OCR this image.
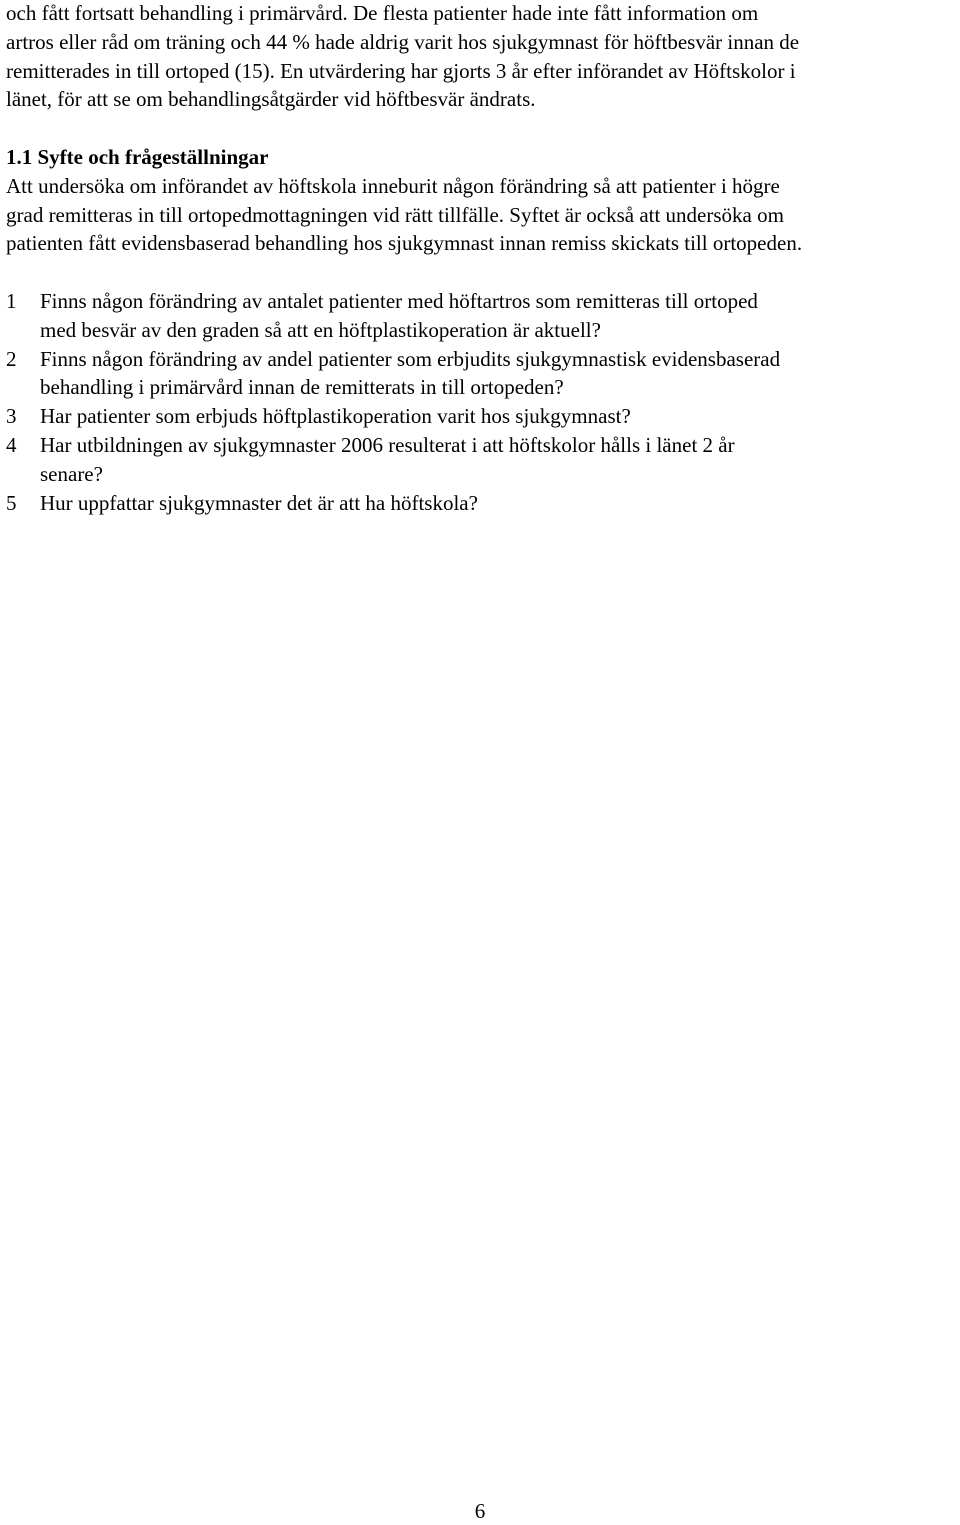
och fått fortsatt behandling i primärvård. De flesta patienter hade inte fått information om
artros eller råd om träning och 44 % hade aldrig varit hos sjukgymnast för höftbesvär innan de
remitterades in till ortoped (15). En utvärdering har gjorts 3 år efter införandet av Höftskolor i
länet, för att se om behandlingsåtgärder vid höftbesvär ändrats.
1.1 Syfte och frågeställningar
Att undersöka om införandet av höftskola inneburit någon förändring så att patienter i högre
grad remitteras in till ortopedmottagningen vid rätt tillfälle. Syftet är också att undersöka om
patienten fått evidensbaserad behandling hos sjukgymnast innan remiss skickats till ortopeden.
1	Finns någon förändring av antalet patienter med höftartros som remitteras till ortoped
med besvär av den graden så att en höftplastikoperation är aktuell?
2	Finns någon förändring av andel patienter som erbjudits sjukgymnastisk evidensbaserad
behandling i primärvård innan de remitterats in till ortopeden?
3	Har patienter som erbjuds höftplastikoperation varit hos sjukgymnast?
4	Har utbildningen av sjukgymnaster 2006 resulterat i att höftskolor hålls i länet 2 år
senare?
5	Hur uppfattar sjukgymnaster det är att ha höftskola?
6
